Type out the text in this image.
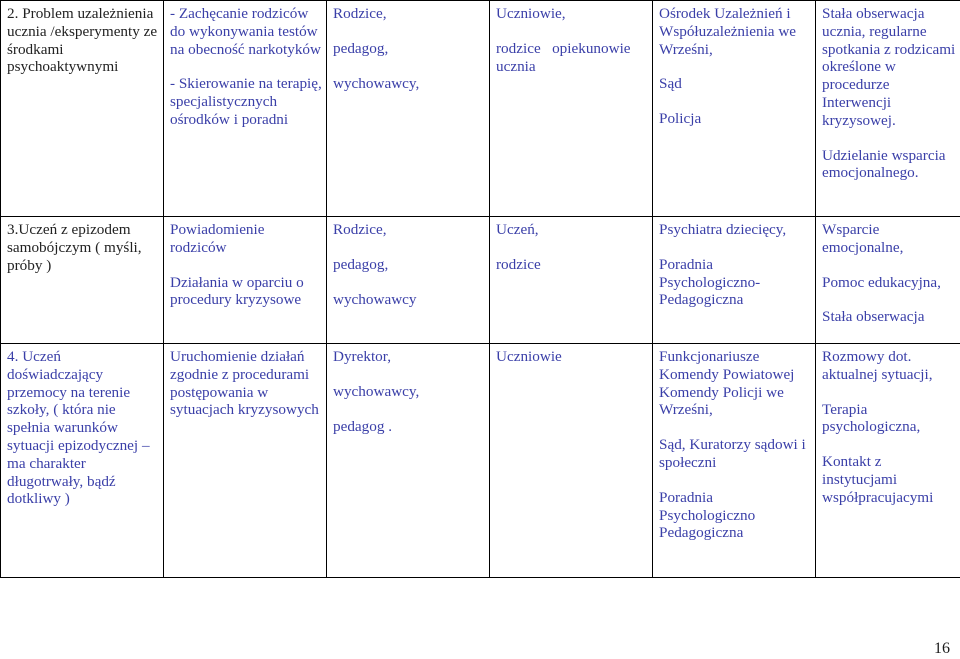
2. Problem uzależnienia ucznia /eksperymenty ze środkami psychoaktywnymi	- Zachęcanie rodziców do wykonywania testów na obecność narkotyków
- Skierowanie na terapię, specjalistycznych ośrodków i poradni	Rodzice,
pedagog,
wychowawcy,	Uczniowie,
rodzice   opiekunowie ucznia	Ośrodek Uzależnień i Współuzależnienia we Wrześni,
Sąd
Policja	Stała obserwacja ucznia, regularne spotkania z rodzicami określone w procedurze Interwencji kryzysowej.
Udzielanie wsparcia emocjonalnego.

3.Uczeń z epizodem samobójczym ( myśli, próby )	Powiadomienie rodziców
Działania w oparciu o procedury kryzysowe	Rodzice,
pedagog,
wychowawcy	Uczeń,
rodzice	Psychiatra dziecięcy,
Poradnia Psychologiczno-Pedagogiczna	Wsparcie emocjonalne,
Pomoc edukacyjna,
Stała obserwacja

4. Uczeń doświadczający przemocy na terenie szkoły, ( która nie spełnia warunków sytuacji epizodycznej – ma charakter długotrwały, bądź dotkliwy )	Uruchomienie działań zgodnie z procedurami postępowania w sytuacjach kryzysowych	Dyrektor,
wychowawcy,
pedagog .	Uczniowie	Funkcjonariusze Komendy Powiatowej Komendy Policji we Wrześni,
Sąd, Kuratorzy sądowi i społeczni
Poradnia Psychologiczno Pedagogiczna	Rozmowy dot. aktualnej sytuacji,
Terapia psychologiczna,
Kontakt z instytucjami współpracujacymi
16
